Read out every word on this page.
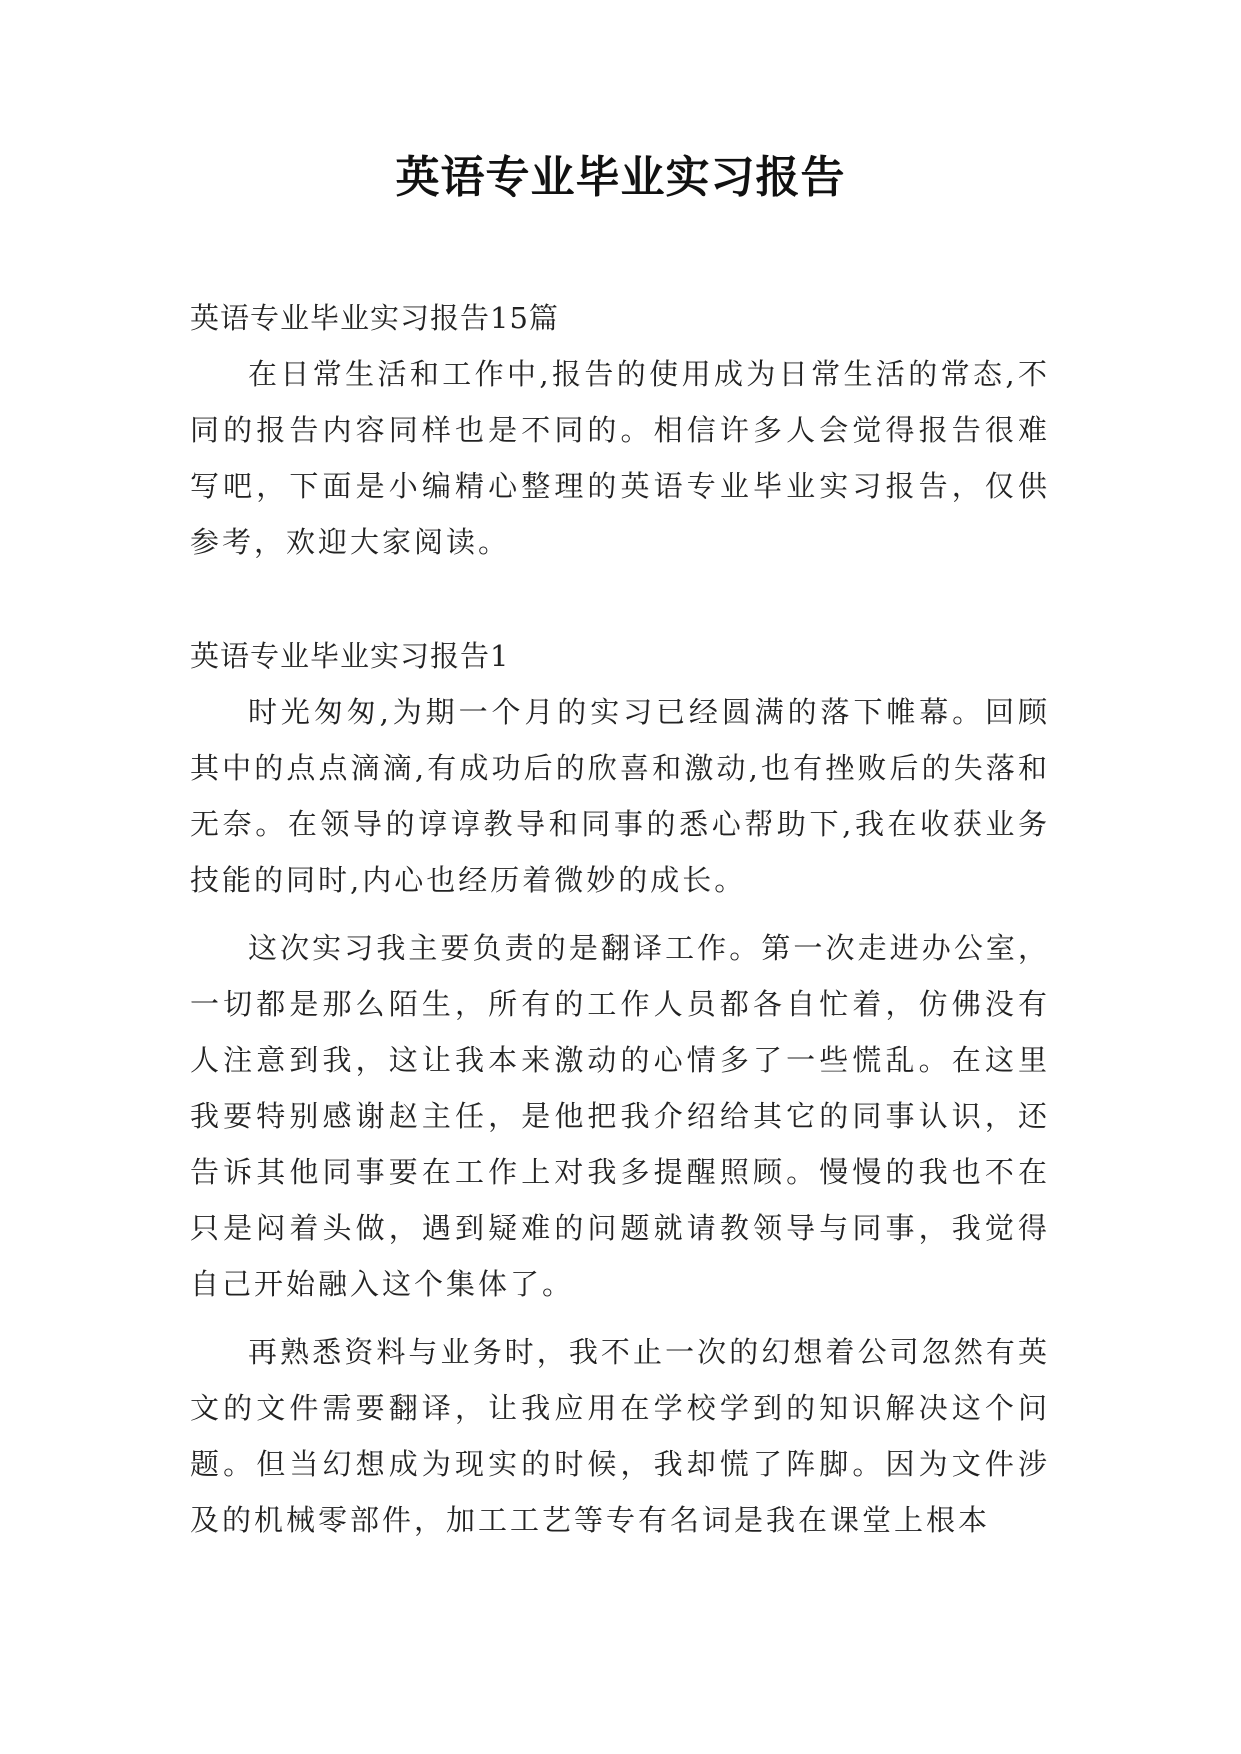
英语专业毕业实习报告

英语专业毕业实习报告15篇

在日常生活和工作中,报告的使用成为日常生活的常态,不同的报告内容同样也是不同的。相信许多人会觉得报告很难写吧，下面是小编精心整理的英语专业毕业实习报告，仅供参考，欢迎大家阅读。

英语专业毕业实习报告1

时光匆匆,为期一个月的实习已经圆满的落下帷幕。回顾其中的点点滴滴,有成功后的欣喜和激动,也有挫败后的失落和无奈。在领导的谆谆教导和同事的悉心帮助下,我在收获业务技能的同时,内心也经历着微妙的成长。

这次实习我主要负责的是翻译工作。第一次走进办公室，一切都是那么陌生，所有的工作人员都各自忙着，仿佛没有人注意到我，这让我本来激动的心情多了一些慌乱。在这里我要特别感谢赵主任，是他把我介绍给其它的同事认识，还告诉其他同事要在工作上对我多提醒照顾。慢慢的我也不在只是闷着头做，遇到疑难的问题就请教领导与同事，我觉得自己开始融入这个集体了。

再熟悉资料与业务时，我不止一次的幻想着公司忽然有英文的文件需要翻译，让我应用在学校学到的知识解决这个问题。但当幻想成为现实的时候，我却慌了阵脚。因为文件涉及的机械零部件，加工工艺等专有名词是我在课堂上根本
